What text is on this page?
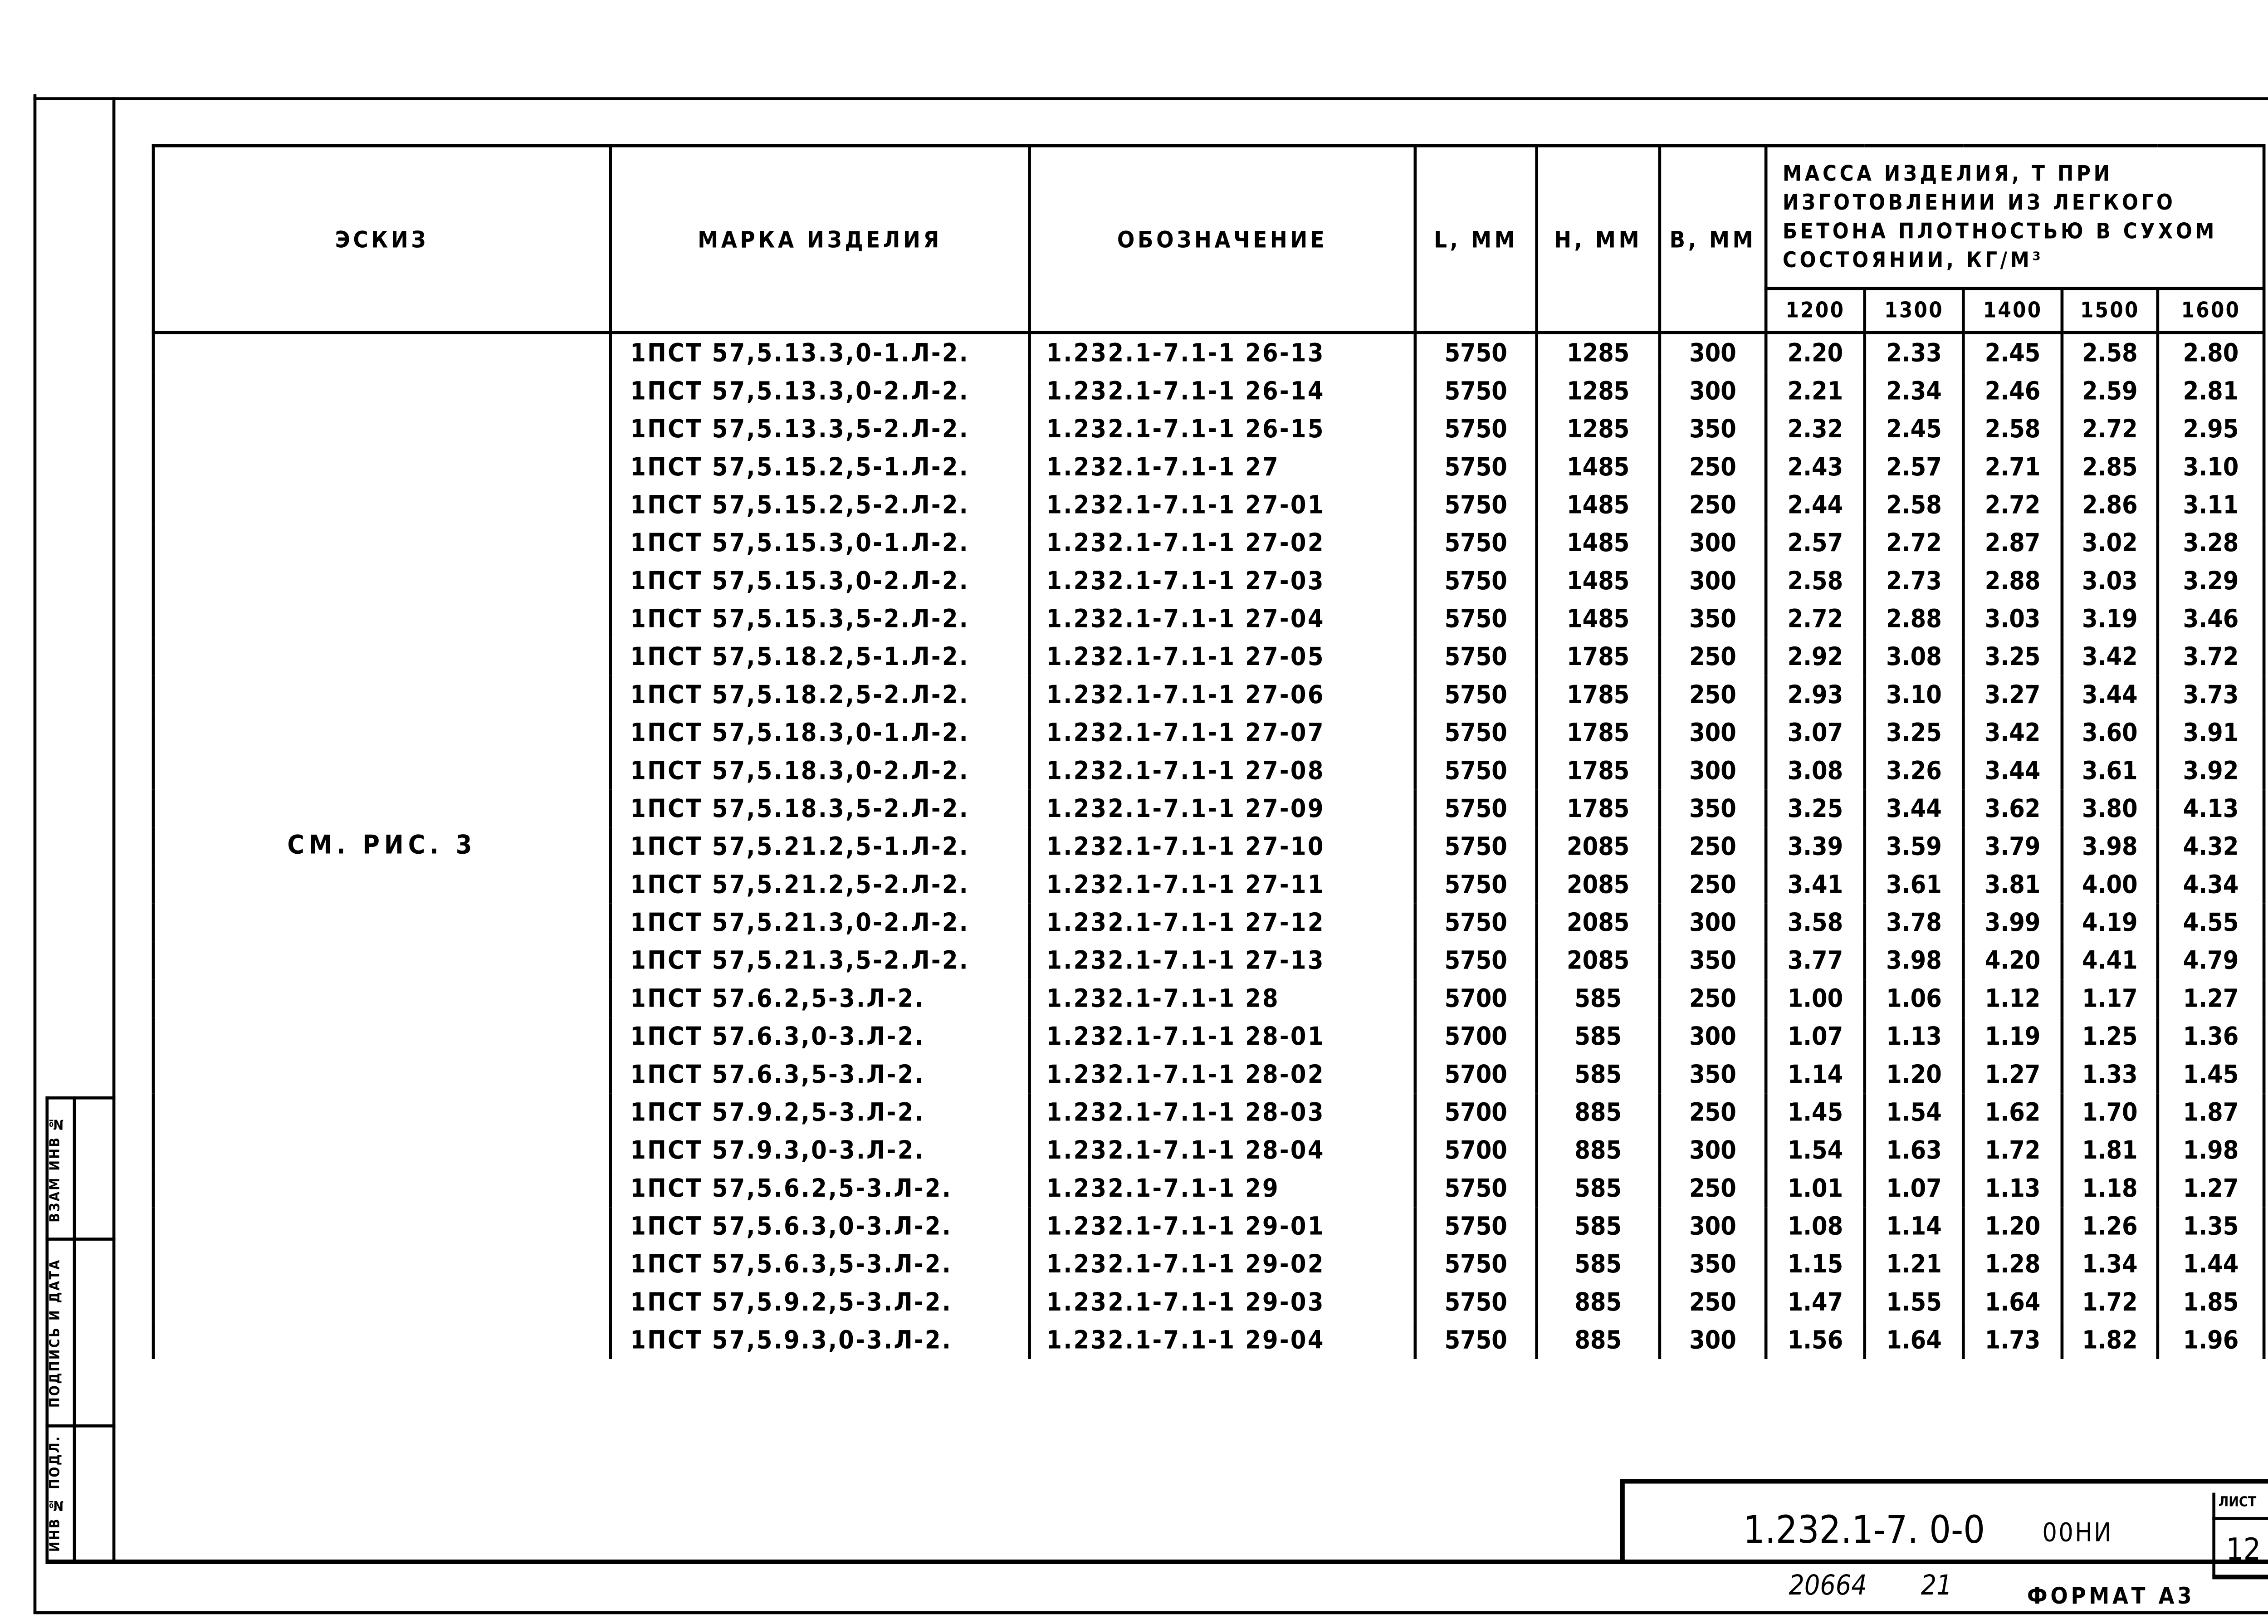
ЭСКИЗ	МАРКА ИЗДЕЛИЯ	ОБОЗНАЧЕНИЕ	L, ММ	Н, ММ	В, ММ	МАССА ИЗДЕЛИЯ, Т ПРИ ИЗГОТОВЛЕНИИ ИЗ ЛЕГКОГО БЕТОНА ПЛОТНОСТЬЮ В СУХОМ СОСТОЯНИИ, КГ/М³				
						1200	1300	1400	1500	1600
СМ. РИС. 3	1ПСТ 57,5.13.3,0-1.Л-2.	1.232.1-7.1-1 26-13	5750	1285	300	2.20	2.33	2.45	2.58	2.80
	1ПСТ 57,5.13.3,0-2.Л-2.	1.232.1-7.1-1 26-14	5750	1285	300	2.21	2.34	2.46	2.59	2.81
	1ПСТ 57,5.13.3,5-2.Л-2.	1.232.1-7.1-1 26-15	5750	1285	350	2.32	2.45	2.58	2.72	2.95
	1ПСТ 57,5.15.2,5-1.Л-2.	1.232.1-7.1-1 27	5750	1485	250	2.43	2.57	2.71	2.85	3.10
	1ПСТ 57,5.15.2,5-2.Л-2.	1.232.1-7.1-1 27-01	5750	1485	250	2.44	2.58	2.72	2.86	3.11
	1ПСТ 57,5.15.3,0-1.Л-2.	1.232.1-7.1-1 27-02	5750	1485	300	2.57	2.72	2.87	3.02	3.28
	1ПСТ 57,5.15.3,0-2.Л-2.	1.232.1-7.1-1 27-03	5750	1485	300	2.58	2.73	2.88	3.03	3.29
	1ПСТ 57,5.15.3,5-2.Л-2.	1.232.1-7.1-1 27-04	5750	1485	350	2.72	2.88	3.03	3.19	3.46
	1ПСТ 57,5.18.2,5-1.Л-2.	1.232.1-7.1-1 27-05	5750	1785	250	2.92	3.08	3.25	3.42	3.72
	1ПСТ 57,5.18.2,5-2.Л-2.	1.232.1-7.1-1 27-06	5750	1785	250	2.93	3.10	3.27	3.44	3.73
	1ПСТ 57,5.18.3,0-1.Л-2.	1.232.1-7.1-1 27-07	5750	1785	300	3.07	3.25	3.42	3.60	3.91
	1ПСТ 57,5.18.3,0-2.Л-2.	1.232.1-7.1-1 27-08	5750	1785	300	3.08	3.26	3.44	3.61	3.92
	1ПСТ 57,5.18.3,5-2.Л-2.	1.232.1-7.1-1 27-09	5750	1785	350	3.25	3.44	3.62	3.80	4.13
	1ПСТ 57,5.21.2,5-1.Л-2.	1.232.1-7.1-1 27-10	5750	2085	250	3.39	3.59	3.79	3.98	4.32
	1ПСТ 57,5.21.2,5-2.Л-2.	1.232.1-7.1-1 27-11	5750	2085	250	3.41	3.61	3.81	4.00	4.34
	1ПСТ 57,5.21.3,0-2.Л-2.	1.232.1-7.1-1 27-12	5750	2085	300	3.58	3.78	3.99	4.19	4.55
	1ПСТ 57,5.21.3,5-2.Л-2.	1.232.1-7.1-1 27-13	5750	2085	350	3.77	3.98	4.20	4.41	4.79
	1ПСТ 57.6.2,5-3.Л-2.	1.232.1-7.1-1 28	5700	585	250	1.00	1.06	1.12	1.17	1.27
	1ПСТ 57.6.3,0-3.Л-2.	1.232.1-7.1-1 28-01	5700	585	300	1.07	1.13	1.19	1.25	1.36
	1ПСТ 57.6.3,5-3.Л-2.	1.232.1-7.1-1 28-02	5700	585	350	1.14	1.20	1.27	1.33	1.45
	1ПСТ 57.9.2,5-3.Л-2.	1.232.1-7.1-1 28-03	5700	885	250	1.45	1.54	1.62	1.70	1.87
	1ПСТ 57.9.3,0-3.Л-2.	1.232.1-7.1-1 28-04	5700	885	300	1.54	1.63	1.72	1.81	1.98
	1ПСТ 57,5.6.2,5-3.Л-2.	1.232.1-7.1-1 29	5750	585	250	1.01	1.07	1.13	1.18	1.27
	1ПСТ 57,5.6.3,0-3.Л-2.	1.232.1-7.1-1 29-01	5750	585	300	1.08	1.14	1.20	1.26	1.35
	1ПСТ 57,5.6.3,5-3.Л-2.	1.232.1-7.1-1 29-02	5750	585	350	1.15	1.21	1.28	1.34	1.44
	1ПСТ 57,5.9.2,5-3.Л-2.	1.232.1-7.1-1 29-03	5750	885	250	1.47	1.55	1.64	1.72	1.85
	1ПСТ 57,5.9.3,0-3.Л-2.	1.232.1-7.1-1 29-04	5750	885	300	1.56	1.64	1.73	1.82	1.96
ВЗАМ ИНВ №
ПОДПИСЬ И ДАТА
ИНВ № ПОДЛ.	1.232.1-7. 0-0	00НИ
ЛИСТ
12
20664	21	ФОРМАТ А3
